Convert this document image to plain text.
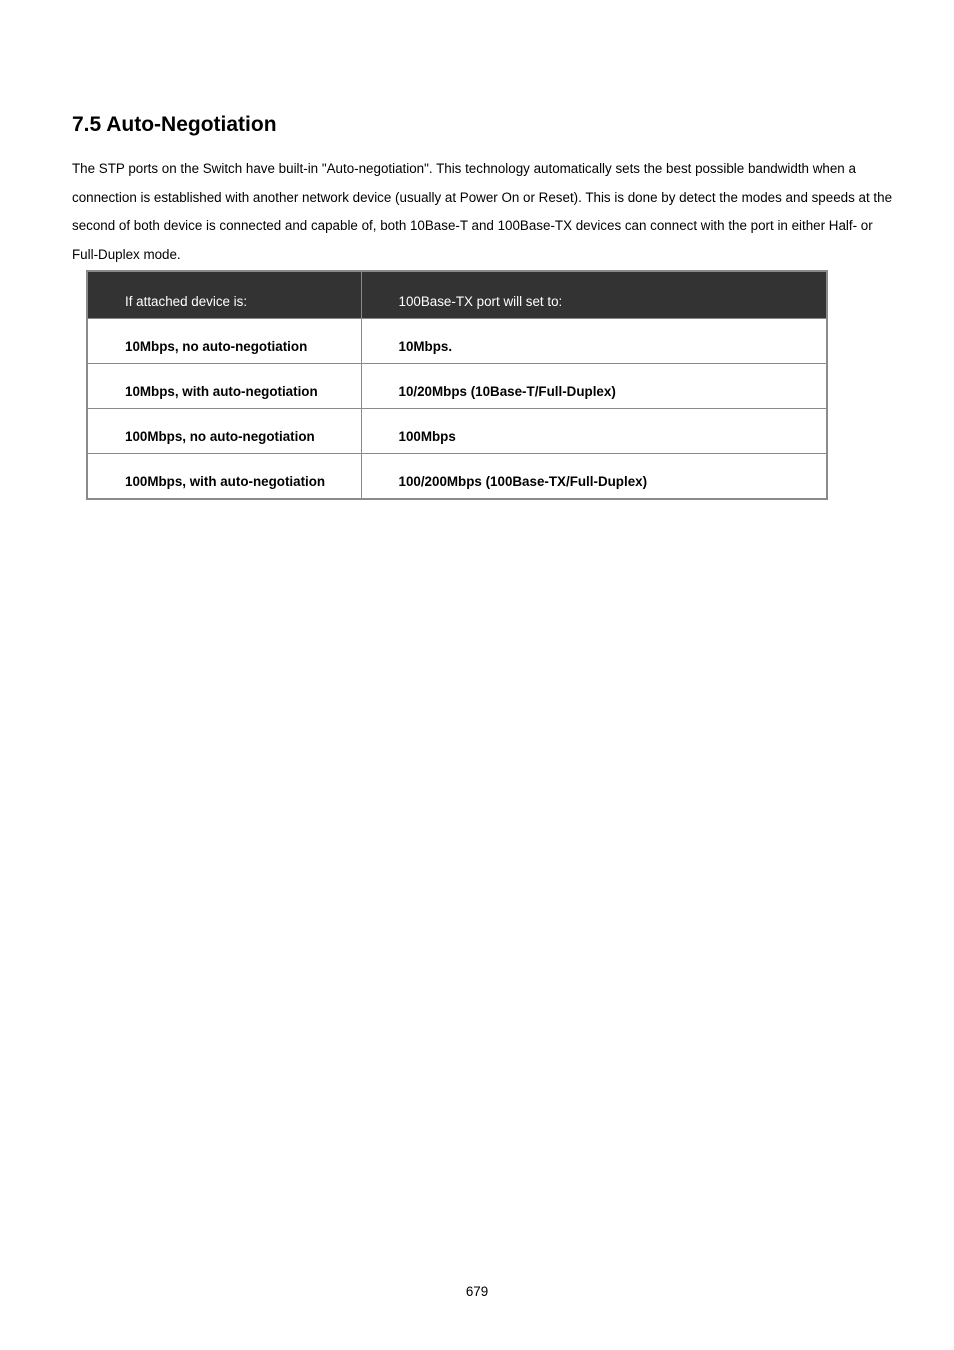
7.5 Auto-Negotiation

The STP ports on the Switch have built-in "Auto-negotiation". This technology automatically sets the best possible bandwidth when a connection is established with another network device (usually at Power On or Reset). This is done by detect the modes and speeds at the second of both device is connected and capable of, both 10Base-T and 100Base-TX devices can connect with the port in either Half- or Full-Duplex mode.

If attached device is:	100Base-TX port will set to:
10Mbps, no auto-negotiation	10Mbps.
10Mbps, with auto-negotiation	10/20Mbps (10Base-T/Full-Duplex)
100Mbps, no auto-negotiation	100Mbps
100Mbps, with auto-negotiation	100/200Mbps (100Base-TX/Full-Duplex)
679
